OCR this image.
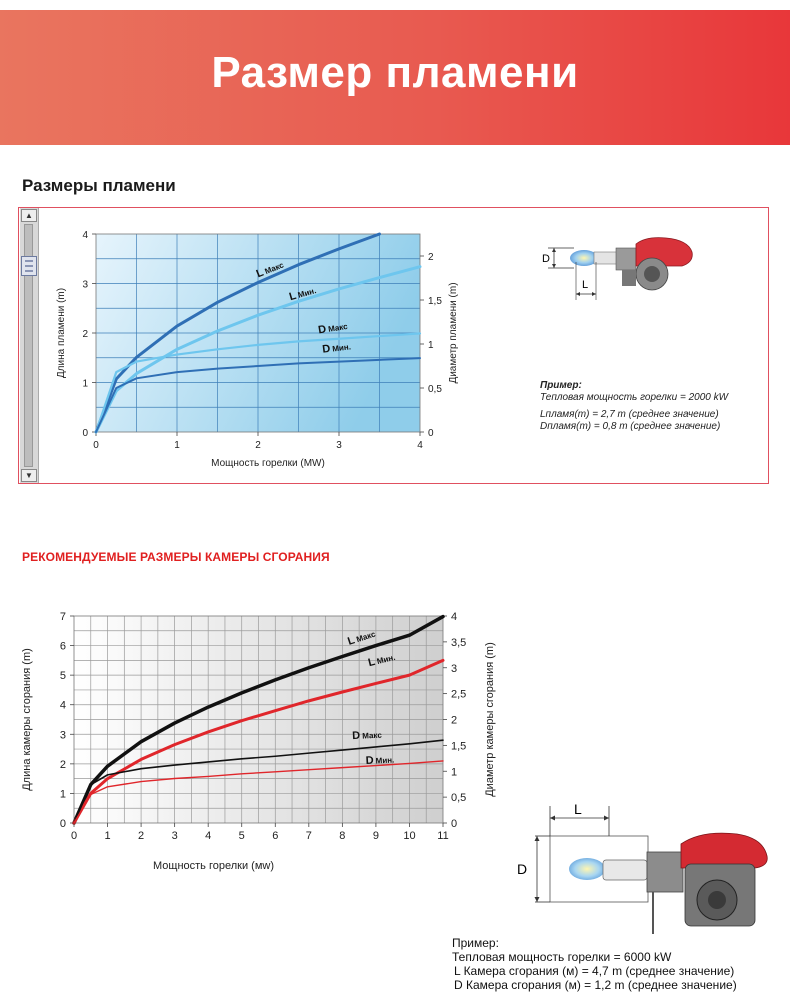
Размер пламени
Размеры пламени
▲
▼
0	1	2	3	4
0
1
2
3
4
0
0,5
1
1,5
2
Мощность горелки (MW)
Длина пламени (m)	Диаметр пламени (m)
LМакс
LМин.
DМакс
DМин.
0 1 2 3 4 5 6 7 8 9 10 11
0
1
2
3
4
5
6
7
0
0,5
1
1,5
2
2,5
3
3,5
4
Мощность горелки (мw)
Длина камеры сгорания (m)	Диаметр камеры сгорания (m)
LМакс
LМин.
DМакс
DМин.
D
L
Пример:
Тепловая мощность горелки = 2000 kW
Lпламя(m) = 2,7 m (среднее значение)
Dпламя(m) = 0,8 m (среднее значение)
РЕКОМЕНДУЕМЫЕ РАЗМЕРЫ КАМЕРЫ СГОРАНИЯ
L
D
Пример:
Тепловая мощность горелки = 6000 kW
L Камера сгорания (м) = 4,7 m (среднее значение)
D Камера сгорания (м) = 1,2 m (среднее значение)
